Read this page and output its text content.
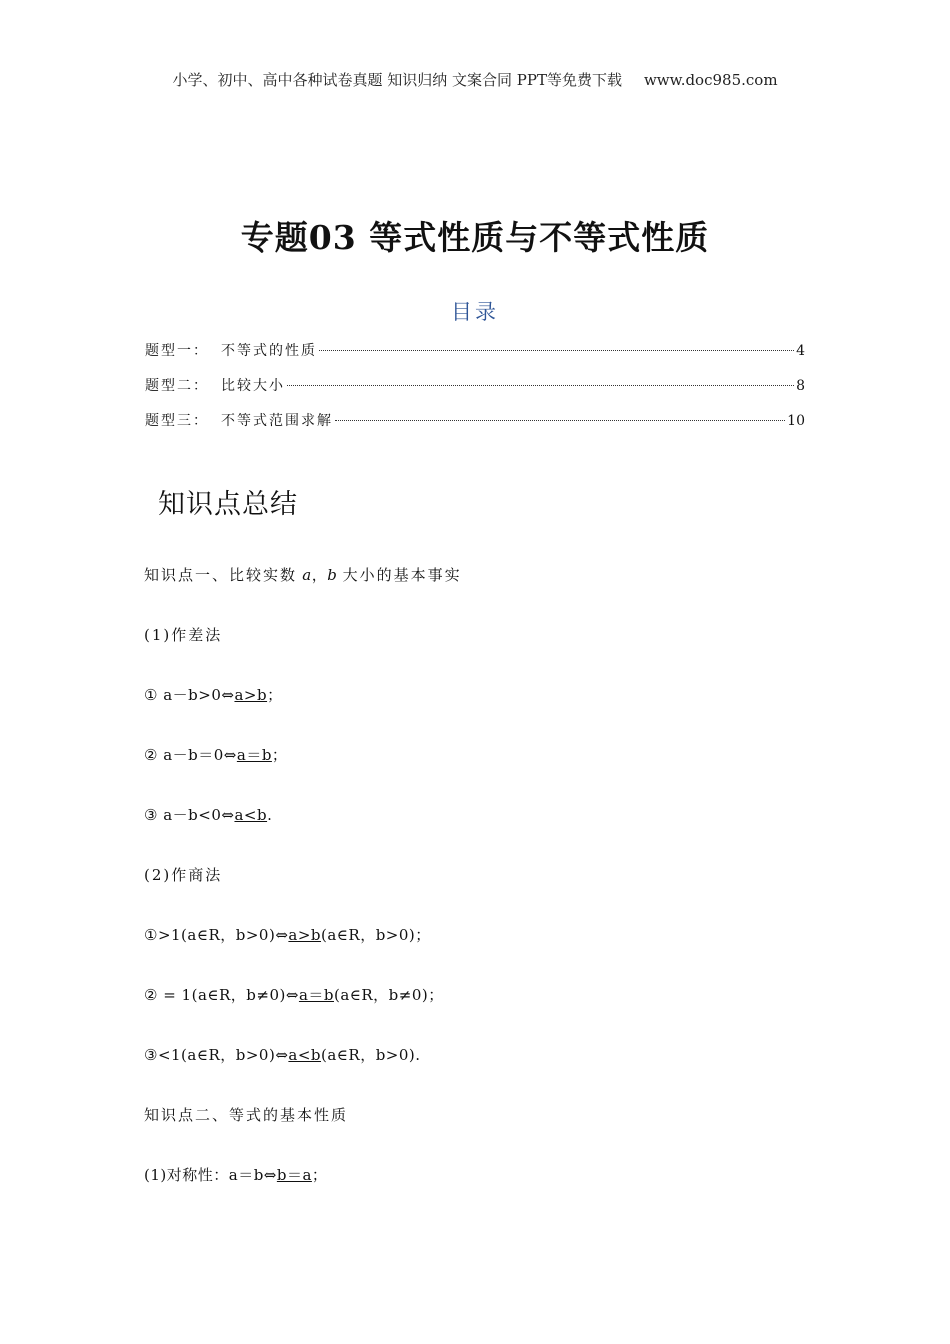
小学、初中、高中各种试卷真题 知识归纳 文案合同 PPT等免费下载 www.doc985.com
专题03 等式性质与不等式性质
目录
题型一： 不等式的性质	4
题型二： 比较大小	8
题型三： 不等式范围求解	10
知识点总结
知识点一、比较实数 a，b 大小的基本事实
(1)作差法
① a－b>0⇔a>b；
② a－b＝0⇔a＝b；
③ a－b<0⇔a<b.
(2)作商法
①>1(a∈R，b>0)⇔a>b(a∈R，b>0)；
② = 1(a∈R，b≠0)⇔a＝b(a∈R，b≠0)；
③<1(a∈R，b>0)⇔a<b(a∈R，b>0).
知识点二、等式的基本性质
(1)对称性：a＝b⇔b＝a；
